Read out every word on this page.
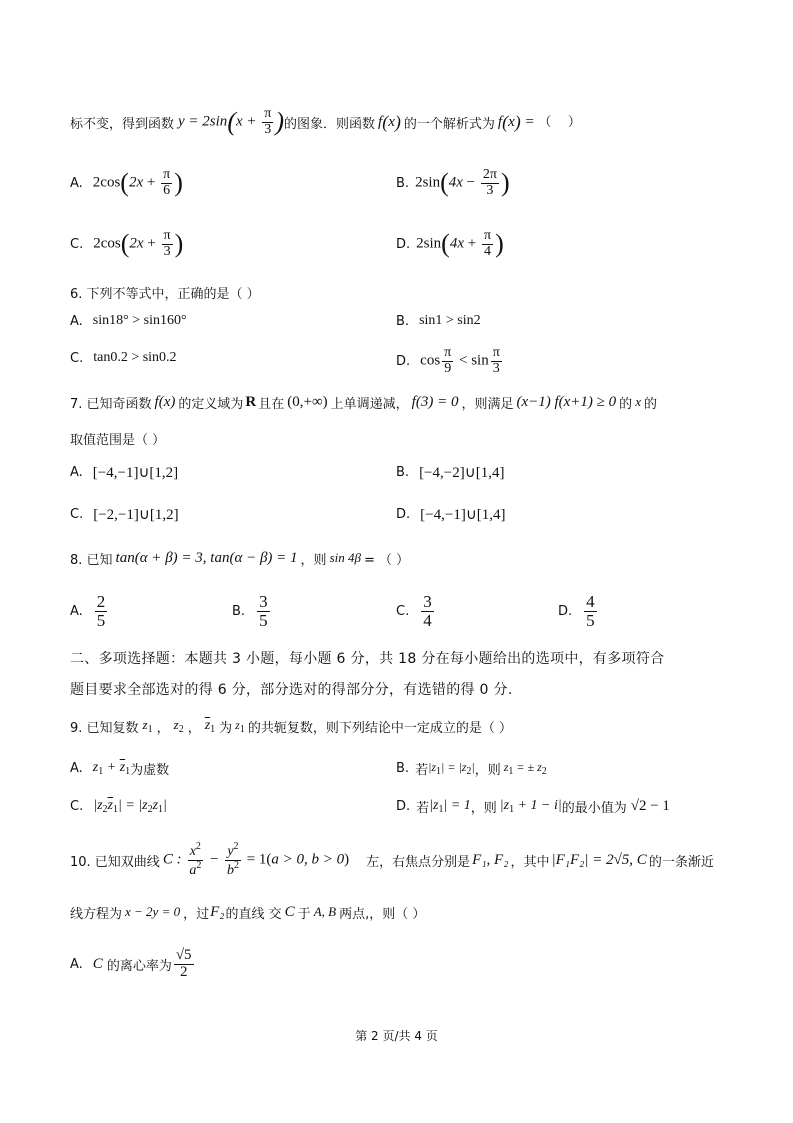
标不变，得到函数 $y = 2\sin(x + \frac{\pi}{3}$ ) 的图象．则函数 f(x) 的一个解析式为 f(x) = （    ）
A. $2\cos(2x + \frac{\pi}{6}$ )	B. $2\sin(4x - \frac{2\pi}{3}$ )
C. $2\cos(2x + \frac{\pi}{3}$ )	D. $2\sin(4x + \frac{\pi}{4}$ )
6. 下列不等式中，正确的是（ ）
A. sin18° > sin160°	B. sin1 > sin2
C. tan0.2 > sin0.2	D. $\cos \frac{\pi}{9} < \sin \frac{\pi}{3}$
7. 已知奇函数 f(x) 的定义域为 R 且在 (0,+∞) 上单调递减， f(3) = 0 ，则满足 (x−1) f(x+1) ≥ 0 的 x 的
取值范围是（ ）
A. [−4,−1]∪[1,2]	B. [−4,−2]∪[1,4]
C. [−2,−1]∪[1,2]	D. [−4,−1]∪[1,4]
8. 已知 tan(α + β) = 3, tan(α − β) = 1 ，则 sin 4β = （ ）
A. $\frac{2}{5}$	B. $\frac{3}{5}$	C. $\frac{3}{4}$	D. $\frac{4}{5}$
二、多项选择题：本题共 3 小题，每小题 6 分，共 18 分在每小题给出的选项中，有多项符合
题目要求全部选对的得 6 分，部分选对的得部分分，有选错的得 0 分.
9. 已知复数 $z_1$ ， $z_2$ ， $\overline{z}_1$ 为 $z_1$ 的共轭复数，则下列结论中一定成立的是（ ）
A. $z_1 + \overline{z}_1$ 为虚数	B. 若 $|z_1| = |z_2|$ ，则 $z_1$ = ± $z_2$
C. $|z_2\overline{z}_1| = |z_2z_1|$	D. 若 $|z_1| = 1$ ，则 $|z_1 + 1 - i|$ 的最小值为 √2 − 1
10. 已知双曲线 C : $\frac{x^2}{a^2} - \frac{y^2}{b^2} = 1(a > 0$, b > 0) 左，右焦点分别是 F₁, F₂ ，其中 |F₁F₂| = 2√5, C 的一条渐近
线方程为 x − 2y = 0 ，过 F₂ 的直线 交 C 于 A, B 两点,，则（ ）
A. C 的离心率为 $\frac{√5}{2}$
第 2 页/共 4 页
